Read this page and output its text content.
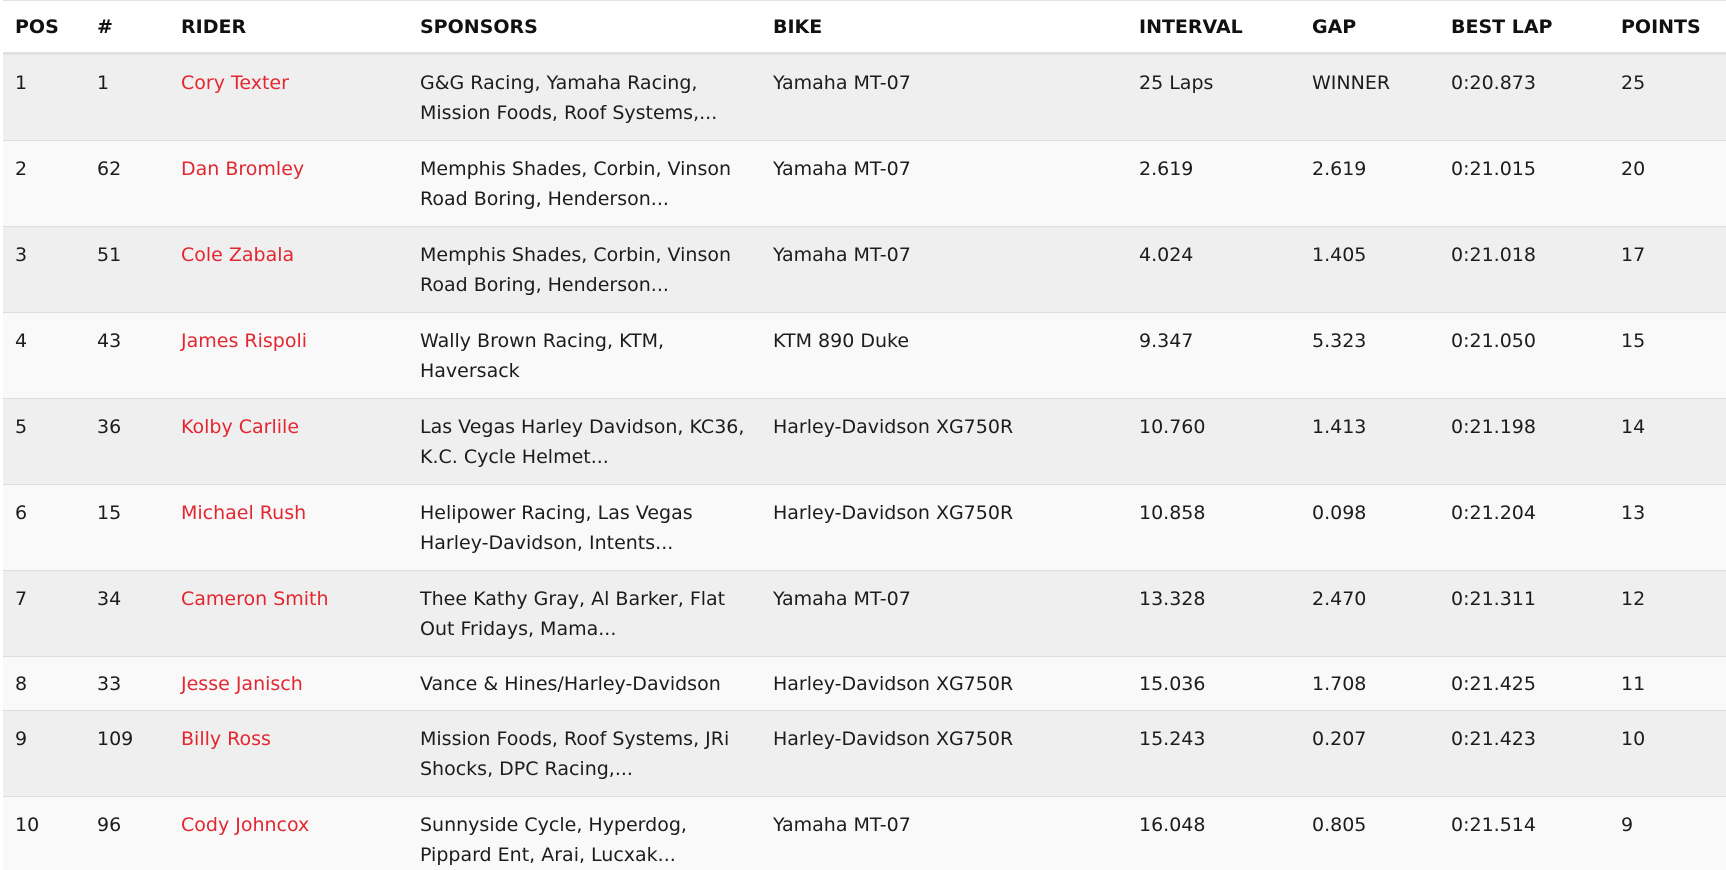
POS	#	RIDER	SPONSORS	BIKE	INTERVAL	GAP	BEST LAP	POINTS
1	1	Cory Texter	G&G Racing, Yamaha Racing, Mission Foods, Roof Systems,...	Yamaha MT-07	25 Laps	WINNER	0:20.873	25
2	62	Dan Bromley	Memphis Shades, Corbin, Vinson Road Boring, Henderson...	Yamaha MT-07	2.619	2.619	0:21.015	20
3	51	Cole Zabala	Memphis Shades, Corbin, Vinson Road Boring, Henderson...	Yamaha MT-07	4.024	1.405	0:21.018	17
4	43	James Rispoli	Wally Brown Racing, KTM, Haversack	KTM 890 Duke	9.347	5.323	0:21.050	15
5	36	Kolby Carlile	Las Vegas Harley Davidson, KC36, K.C. Cycle Helmet...	Harley-Davidson XG750R	10.760	1.413	0:21.198	14
6	15	Michael Rush	Helipower Racing, Las Vegas Harley-Davidson, Intents...	Harley-Davidson XG750R	10.858	0.098	0:21.204	13
7	34	Cameron Smith	Thee Kathy Gray, Al Barker, Flat Out Fridays, Mama...	Yamaha MT-07	13.328	2.470	0:21.311	12
8	33	Jesse Janisch	Vance & Hines/Harley-Davidson	Harley-Davidson XG750R	15.036	1.708	0:21.425	11
9	109	Billy Ross	Mission Foods, Roof Systems, JRi Shocks, DPC Racing,...	Harley-Davidson XG750R	15.243	0.207	0:21.423	10
10	96	Cody Johncox	Sunnyside Cycle, Hyperdog, Pippard Ent, Arai, Lucxak...	Yamaha MT-07	16.048	0.805	0:21.514	9
